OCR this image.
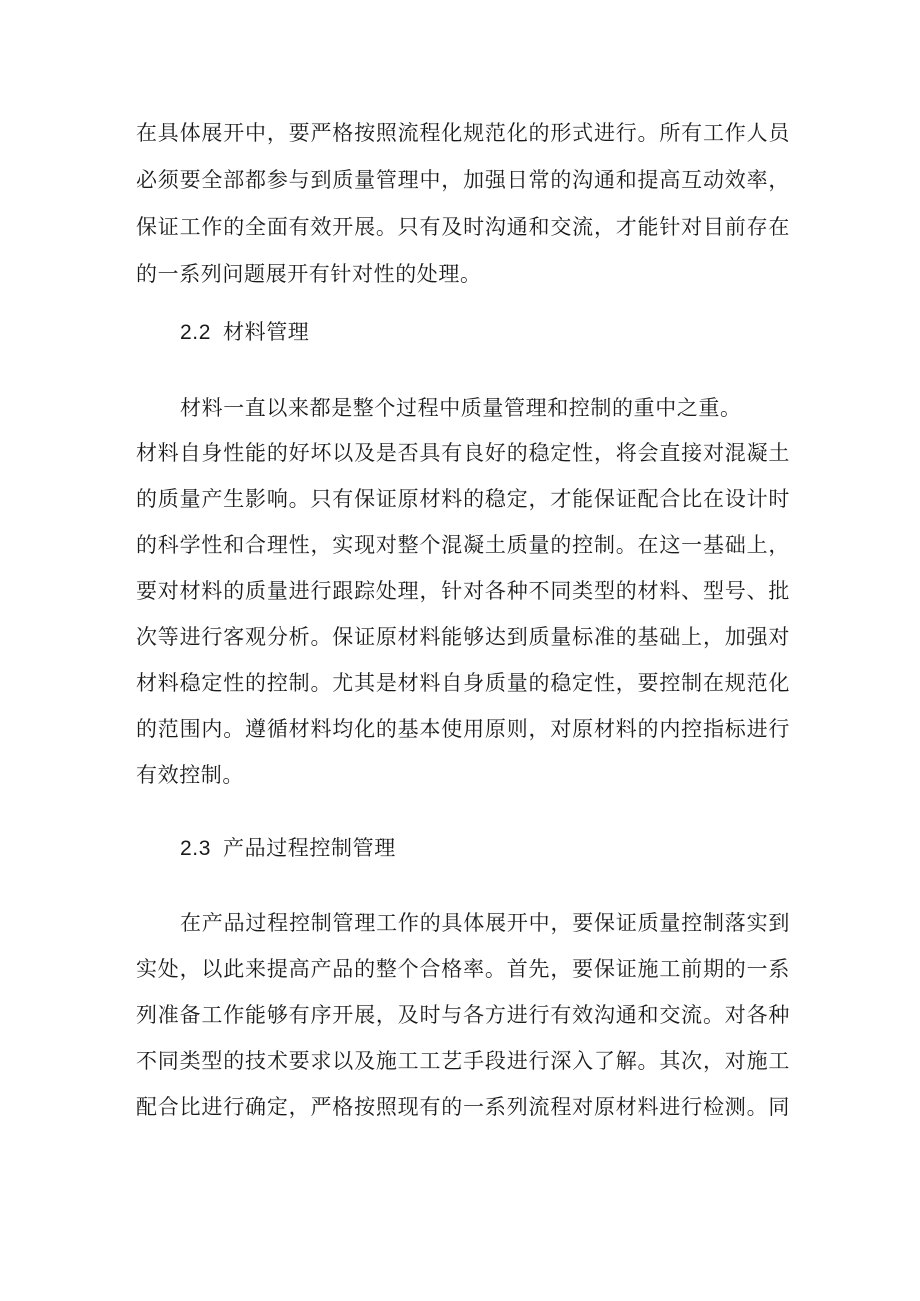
在具体展开中，要严格按照流程化规范化的形式进行。所有工作人员
必须要全部都参与到质量管理中，加强日常的沟通和提高互动效率，
保证工作的全面有效开展。只有及时沟通和交流，才能针对目前存在
的一系列问题展开有针对性的处理。
2.2 材料管理
材料一直以来都是整个过程中质量管理和控制的重中之重。
材料自身性能的好坏以及是否具有良好的稳定性，将会直接对混凝土
的质量产生影响。只有保证原材料的稳定，才能保证配合比在设计时
的科学性和合理性，实现对整个混凝土质量的控制。在这一基础上，
要对材料的质量进行跟踪处理，针对各种不同类型的材料、型号、批
次等进行客观分析。保证原材料能够达到质量标准的基础上，加强对
材料稳定性的控制。尤其是材料自身质量的稳定性，要控制在规范化
的范围内。遵循材料均化的基本使用原则，对原材料的内控指标进行
有效控制。
2.3 产品过程控制管理
在产品过程控制管理工作的具体展开中，要保证质量控制落实到
实处，以此来提高产品的整个合格率。首先，要保证施工前期的一系
列准备工作能够有序开展，及时与各方进行有效沟通和交流。对各种
不同类型的技术要求以及施工工艺手段进行深入了解。其次，对施工
配合比进行确定，严格按照现有的一系列流程对原材料进行检测。同
